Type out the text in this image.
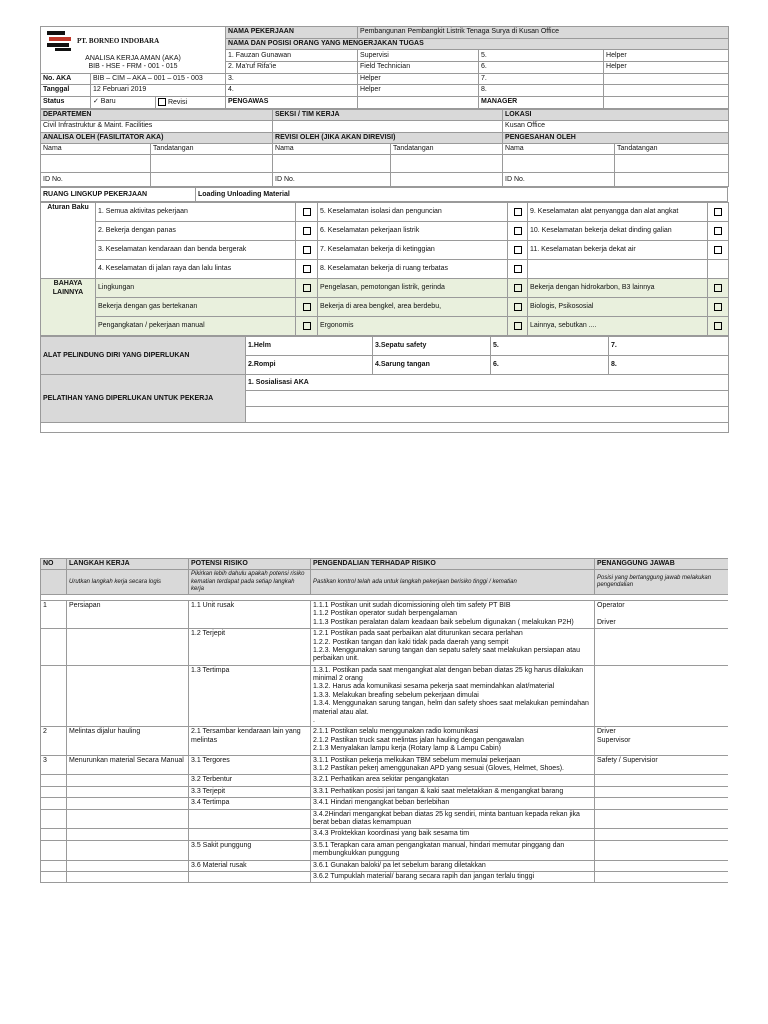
PT. BORNEO INDOBARA
ANALISA KERJA AMAN (AKA)
BIB - HSE - FRM - 001 - 015			NAMA PEKERJAAN	Pembangunan Pembangkit Listrik Tenaga Surya di Kusan Office		
			NAMA DAN POSISI ORANG YANG MENGERJAKAN TUGAS			
			1. Fauzan Gunawan	Supervisi	5.	Helper
			2. Ma'ruf Rifa'ie	Field Technician	6.	Helper
No. AKA	BIB – CIM – AKA – 001 – 015 - 003		3.	Helper	7.	
Tanggal	12 Februari 2019		4.	Helper	8.	
Status	✓ Baru	Revisi	PENGAWAS		MANAGER	
DEPARTEMEN		SEKSI / TIM KERJA		LOKASI	
Civil Infrastruktur & Maint. Facilities				Kusan Office	
ANALISA OLEH (FASILITATOR AKA)		REVISI OLEH (JIKA AKAN DIREVISI)		PENGESAHAN OLEH	
Nama	Tandatangan	Nama	Tandatangan	Nama	Tandatangan

ID No.		ID No.		ID No.	
RUANG LINGKUP PEKERJAAN	Loading Unloading Material
Aturan Baku	1. Semua aktivitas pekerjaan		5. Keselamatan isolasi dan penguncian		9. Keselamatan alat penyangga dan alat angkat	
	2. Bekerja dengan panas		6. Keselamatan pekerjaan listrik		10. Keselamatan bekerja dekat dinding galian	
	3. Keselamatan kendaraan dan benda bergerak		7. Keselamatan bekerja di ketinggian		11. Keselamatan bekerja dekat air	
	4. Keselamatan di jalan raya dan lalu lintas		8. Keselamatan bekerja di ruang terbatas			
BAHAYA LAINNYA	Lingkungan		Pengelasan, pemotongan listrik, gerinda		Bekerja dengan hidrokarbon, B3 lainnya	
	Bekerja dengan gas bertekanan		Bekerja di area bengkel, area berdebu,		Biologis, Psikososial	
	Pengangkatan / pekerjaan manual		Ergonomis		Lainnya, sebutkan ....	
ALAT PELINDUNG DIRI YANG DIPERLUKAN	1.Helm	3.Sepatu safety	5.	7.
	2.Rompi	4.Sarung tangan	6.	8.
PELATIHAN YANG DIPERLUKAN UNTUK PEKERJA	1. Sosialisasi AKA			

NO	LANGKAH KERJA	POTENSI RISIKO	PENGENDALIAN TERHADAP RISIKO	PENANGGUNG JAWAB
	Urutkan langkah kerja secara logis	Pikirkan lebih dahulu apakah potensi risiko kematian terdapat pada setiap langkah kerja	Pastikan kontrol telah ada untuk langkah pekerjaan berisiko tinggi / kematian	Posisi yang bertanggung jawab melakukan pengendalian

1	Persiapan	1.1 Unit rusak	1.1.1 Postikan unit sudah dicomissioning oleh tim safety PT BIB
1.1.2 Postikan operator sudah berpengalaman
1.1.3 Postikan peralatan dalam keadaan baik sebelum digunakan ( melakukan P2H)	Operator

Driver

		1.2 Terjepit	1.2.1 Postikan pada saat perbaikan alat diturunkan secara perlahan
1.2.2. Postikan tangan dan kaki tidak pada daerah yang sempit
1.2.3. Menggunakan sarung tangan dan sepatu safety saat melakukan persiapan atau perbaikan unit.	

		1.3 Tertimpa	1.3.1. Postikan pada saat mengangkat alat dengan beban diatas 25 kg harus dilakukan minimal 2 orang
1.3.2. Harus ada komunikasi sesama pekerja saat memindahkan alat/material
1.3.3. Melakukan breafing sebelum pekerjaan dimulai
1.3.4. Menggunakan sarung tangan, helm dan safety shoes saat melakukan pemindahan material atau alat.
.	

2	Melintas dijalur hauling	2.1 Tersambar kendaraan lain yang melintas	2.1.1 Postikan selalu menggunakan radio komunikasi
2.1.2 Pastikan truck saat melintas jalan hauling dengan pengawalan
2.1.3 Menyalakan lampu kerja (Rotary lamp & Lampu Cabin)	Driver
Supervisor

3	Menurunkan material Secara Manual	3.1 Tergores	3.1.1 Postikan pekerja melkukan TBM sebelum memulai pekerjaan
3.1.2 Pastikan pekerj amenggunakan APD yang sesuai (Gloves, Helmet, Shoes).	Safety / Supervisior

		3.2 Terbentur	3.2.1 Perhatikan area sekitar pengangkatan	

		3.3 Terjepit	3.3.1 Perhatikan posisi jari tangan & kaki saat meletakkan & mengangkat barang	

		3.4 Tertimpa	3.4.1 Hindari mengangkat beban berlebihan	

			3.4.2Hindari mengangkat beban diatas 25 kg sendiri, minta bantuan kepada rekan jika berat beban diatas kemampuan	

			3.4.3 Proktekkan koordinasi yang baik sesama tim	

		3.5 Sakit punggung	3.5.1 Terapkan cara aman pengangkatan manual, hindari memutar pinggang dan membungkukkan punggung	

		3.6 Material rusak	3.6.1 Gunakan baloki/ pa let sebelum barang diletakkan	

			3.6.2 Tumpuklah material/ barang secara rapih dan jangan terlalu tinggi	
